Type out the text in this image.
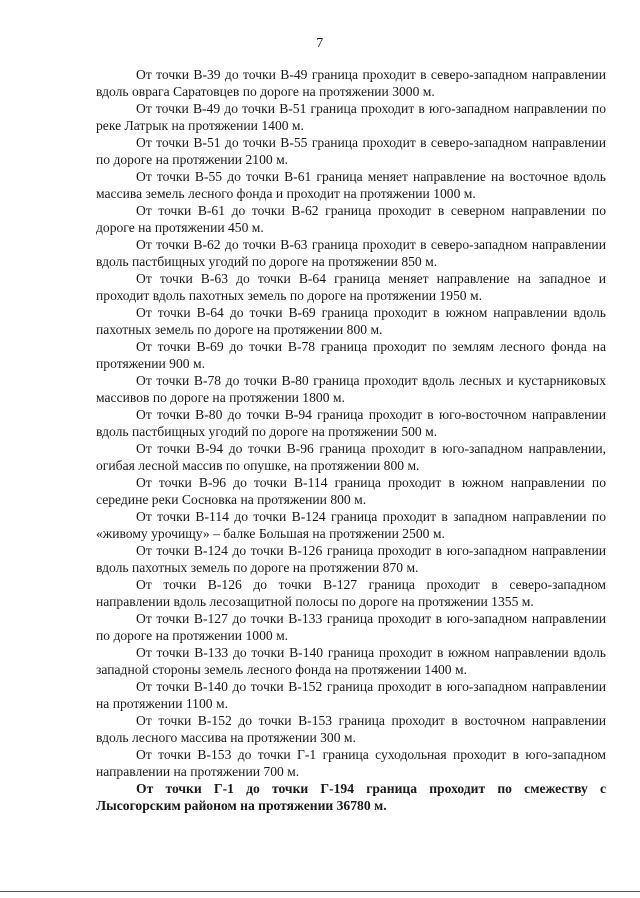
7

От точки В-39 до точки В-49 граница проходит в северо-западном направлении вдоль оврага Саратовцев по дороге на протяжении 3000 м.

От точки В-49 до точки В-51 граница проходит в юго-западном направлении по реке Латрык на протяжении 1400 м.

От точки В-51 до точки В-55 граница проходит в северо-западном направлении по дороге на протяжении 2100 м.

От точки В-55 до точки В-61 граница меняет направление на восточное вдоль массива земель лесного фонда и проходит на протяжении 1000 м.

От точки В-61 до точки В-62 граница проходит в северном направлении по дороге на протяжении 450 м.

От точки В-62 до точки В-63 граница проходит в северо-западном направлении вдоль пастбищных угодий по дороге на протяжении 850 м.

От точки В-63 до точки В-64 граница меняет направление на западное и проходит вдоль пахотных земель по дороге на протяжении 1950 м.

От точки В-64 до точки В-69 граница проходит в южном направлении вдоль пахотных земель по дороге на протяжении 800 м.

От точки В-69 до точки В-78 граница проходит по землям лесного фонда на протяжении 900 м.

От точки В-78 до точки В-80 граница проходит вдоль лесных и кустарниковых массивов по дороге на протяжении 1800 м.

От точки В-80 до точки В-94 граница проходит в юго-восточном направлении вдоль пастбищных угодий по дороге на протяжении 500 м.

От точки В-94 до точки В-96 граница проходит в юго-западном направлении, огибая лесной массив по опушке, на протяжении 800 м.

От точки В-96 до точки В-114 граница проходит в южном направлении по середине реки Сосновка на протяжении 800 м.

От точки В-114 до точки В-124 граница проходит в западном направлении по «живому урочищу» – балке Большая на протяжении 2500 м.

От точки В-124 до точки В-126 граница проходит в юго-западном направлении вдоль пахотных земель по дороге на протяжении 870 м.

От точки В-126 до точки В-127 граница проходит в северо-западном направлении вдоль лесозащитной полосы по дороге на протяжении 1355 м.

От точки В-127 до точки В-133 граница проходит в юго-западном направлении по дороге на протяжении 1000 м.

От точки В-133 до точки В-140 граница проходит в южном направлении вдоль западной стороны земель лесного фонда на протяжении 1400 м.

От точки В-140 до точки В-152 граница проходит в юго-западном направлении на протяжении 1100 м.

От точки В-152 до точки В-153 граница проходит в восточном направлении вдоль лесного массива на протяжении 300 м.

От точки В-153 до точки Г-1 граница суходольная проходит в юго-западном направлении на протяжении 700 м.

От точки Г-1 до точки Г-194 граница проходит по смежеству с Лысогорским районом на протяжении 36780 м.
